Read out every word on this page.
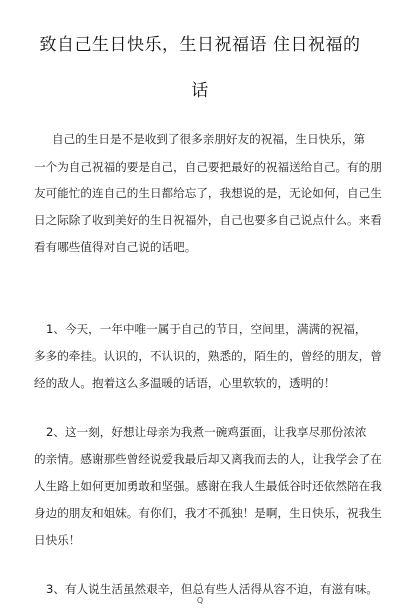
致自己生日快乐，生日祝福语 住日祝福的
话
自己的生日是不是收到了很多亲朋好友的祝福，生日快乐，第
一个为自己祝福的要是自己，自己要把最好的祝福送给自己。有的朋
友可能忙的连自己的生日都给忘了，我想说的是，无论如何，自己生
日之际除了收到美好的生日祝福外，自己也要多自己说点什么。来看
看有哪些值得对自己说的话吧。
1、今天，一年中唯一属于自己的节日，空间里，满满的祝福，
多多的牵挂。认识的，不认识的，熟悉的，陌生的，曾经的朋友，曾
经的敌人。抱着这么多温暖的话语，心里软软的，透明的！
2、这一刻，好想让母亲为我煮一碗鸡蛋面，让我享尽那份浓浓
的亲情。感谢那些曾经说爱我最后却又离我而去的人，让我学会了在
人生路上如何更加勇敢和坚强。感谢在我人生最低谷时还依然陪在我
身边的朋友和姐妹。有你们，我才不孤独！是啊，生日快乐，祝我生
日快乐！
3、有人说生活虽然艰辛，但总有些人活得从容不迫，有滋有味。
Q
